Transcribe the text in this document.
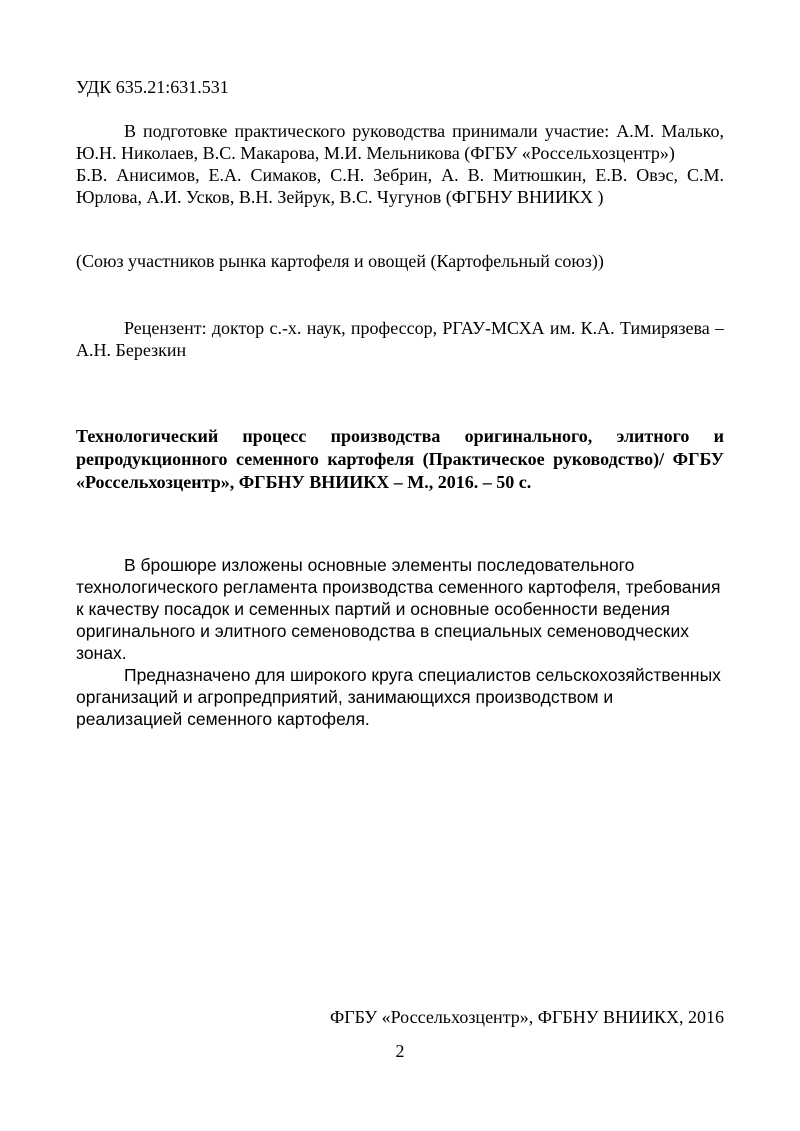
УДК 635.21:631.531

В подготовке практического руководства принимали участие: А.М. Малько, Ю.Н. Николаев, В.С. Макарова, М.И. Мельникова (ФГБУ «Россельхозцентр»)

Б.В. Анисимов, Е.А. Симаков, С.Н. Зебрин, А. В. Митюшкин, Е.В. Овэс, С.М. Юрлова, А.И. Усков, В.Н. Зейрук, В.С. Чугунов (ФГБНУ ВНИИКХ )

(Союз участников рынка картофеля и овощей (Картофельный союз))
Рецензент: доктор с.-х. наук, профессор, РГАУ-МСХА им. К.А. Тимирязева – А.Н. Березкин
Технологический процесс производства оригинального, элитного и репродукционного семенного картофеля (Практическое руководство)/ ФГБУ «Россельхозцентр», ФГБНУ ВНИИКХ – М., 2016. – 50 с.

В брошюре изложены основные элементы последовательного технологического регламента производства семенного картофеля, требования к качеству посадок и семенных партий и основные особенности ведения оригинального и элитного семеноводства в специальных семеноводческих зонах.

Предназначено для широкого круга специалистов сельскохозяйственных организаций и агропредприятий, занимающихся производством и реализацией семенного картофеля.

ФГБУ «Россельхозцентр», ФГБНУ ВНИИКХ, 2016
2
